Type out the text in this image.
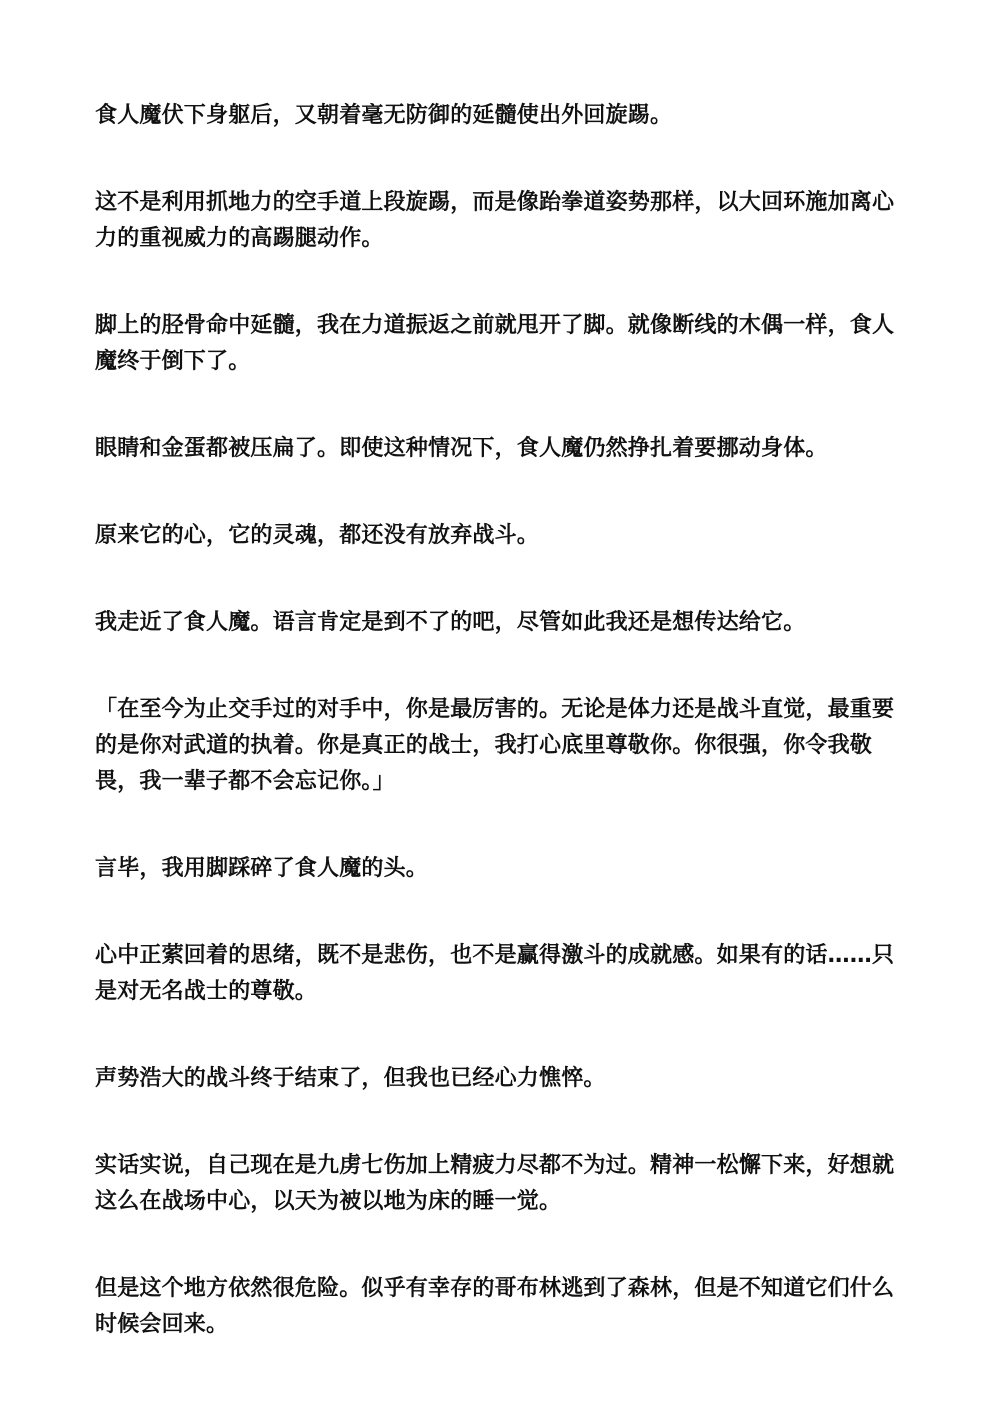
食人魔伏下身躯后，又朝着毫无防御的延髓使出外回旋踢。

这不是利用抓地力的空手道上段旋踢，而是像跆拳道姿势那样，以大回环施加离心力的重视威力的高踢腿动作。

脚上的胫骨命中延髓，我在力道振返之前就甩开了脚。就像断线的木偶一样，食人魔终于倒下了。

眼睛和金蛋都被压扁了。即使这种情况下，食人魔仍然挣扎着要挪动身体。

原来它的心，它的灵魂，都还没有放弃战斗。

我走近了食人魔。语言肯定是到不了的吧，尽管如此我还是想传达给它。

「在至今为止交手过的对手中，你是最厉害的。无论是体力还是战斗直觉，最重要的是你对武道的执着。你是真正的战士，我打心底里尊敬你。你很强，你令我敬畏，我一辈子都不会忘记你。」

言毕，我用脚踩碎了食人魔的头。

心中正萦回着的思绪，既不是悲伤，也不是赢得激斗的成就感。如果有的话……只是对无名战士的尊敬。

声势浩大的战斗终于结束了，但我也已经心力憔悴。

实话实说，自己现在是九虏七伤加上精疲力尽都不为过。精神一松懈下来，好想就这么在战场中心，以天为被以地为床的睡一觉。

但是这个地方依然很危险。似乎有幸存的哥布林逃到了森林，但是不知道它们什么时候会回来。
